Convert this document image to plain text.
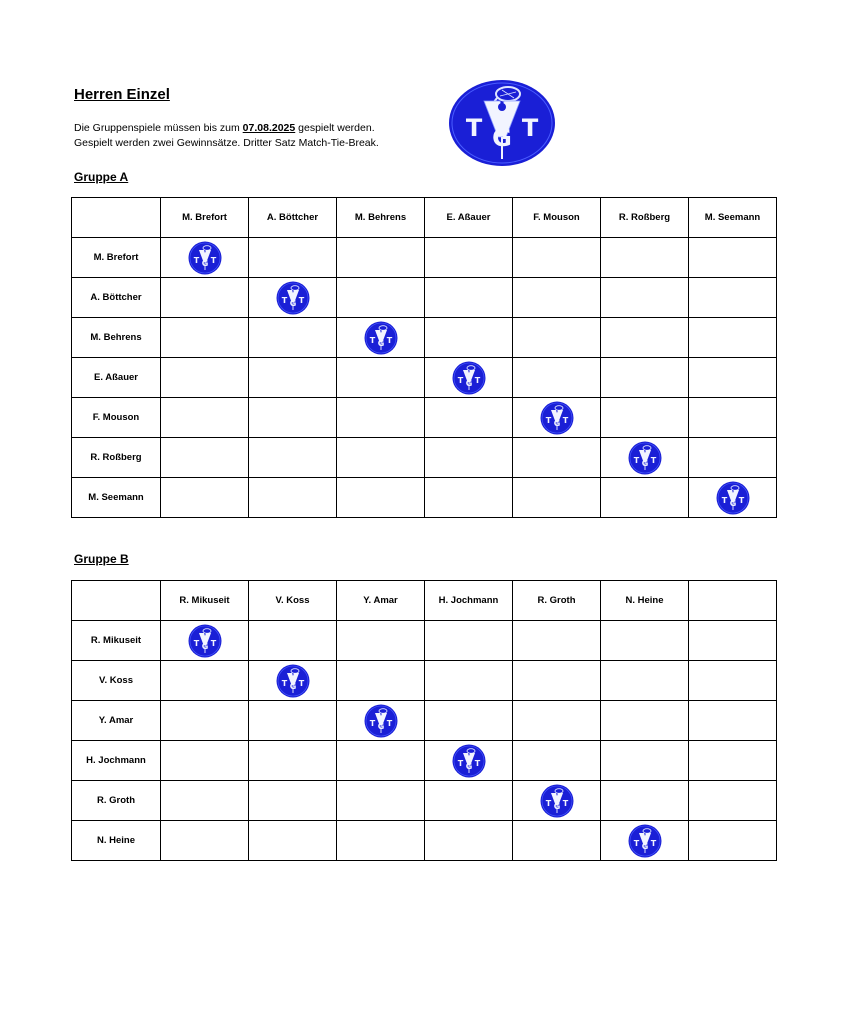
Herren Einzel
Die Gruppenspiele müssen bis zum 07.08.2025 gespielt werden.
Gespielt werden zwei Gewinnsätze. Dritter Satz Match-Tie-Break.
T G T
Gruppe A
	M. Brefort	A. Böttcher	M. Behrens	E. Aßauer	F. Mouson	R. Roßberg	M. Seemann
M. Brefort	T G T						

A. Böttcher		T G T					

M. Behrens			T G T				

E. Aßauer				T G T			

F. Mouson					T G T		

R. Roßberg						T G T	

M. Seemann							T G T
Gruppe B
	R. Mikuseit	V. Koss	Y. Amar	H. Jochmann	R. Groth	N. Heine	
R. Mikuseit	T G T						

V. Koss		T G T					

Y. Amar			T G T				

H. Jochmann				T G T			

R. Groth					T G T		

N. Heine						T G T	
